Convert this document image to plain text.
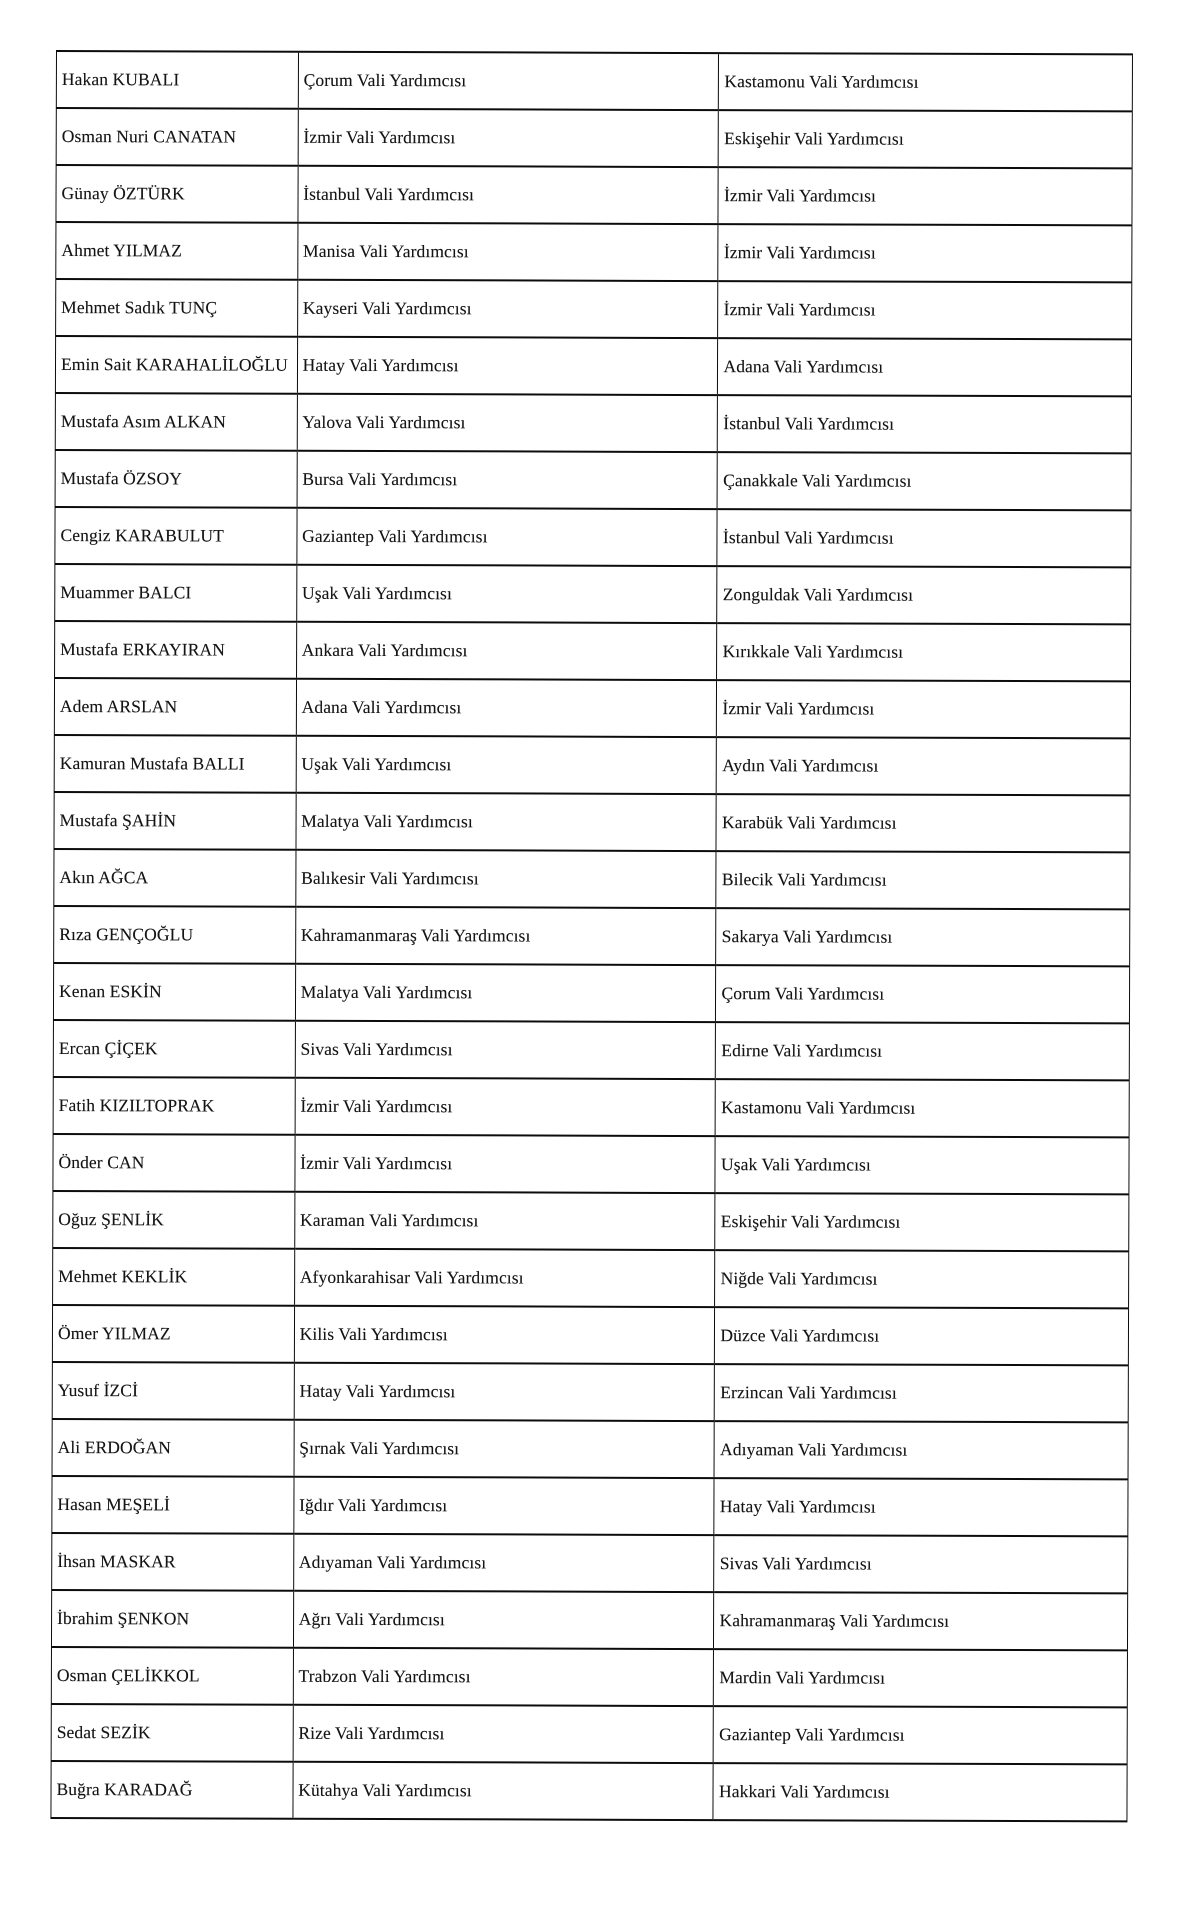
Hakan KUBALI	Çorum Vali Yardımcısı	Kastamonu Vali Yardımcısı
Osman Nuri CANATAN	İzmir Vali Yardımcısı	Eskişehir Vali Yardımcısı
Günay ÖZTÜRK	İstanbul Vali Yardımcısı	İzmir Vali Yardımcısı
Ahmet YILMAZ	Manisa Vali Yardımcısı	İzmir Vali Yardımcısı
Mehmet Sadık TUNÇ	Kayseri Vali Yardımcısı	İzmir Vali Yardımcısı
Emin Sait KARAHALİLOĞLU	Hatay Vali Yardımcısı	Adana Vali Yardımcısı
Mustafa Asım ALKAN	Yalova Vali Yardımcısı	İstanbul Vali Yardımcısı
Mustafa ÖZSOY	Bursa Vali Yardımcısı	Çanakkale Vali Yardımcısı
Cengiz KARABULUT	Gaziantep Vali Yardımcısı	İstanbul Vali Yardımcısı
Muammer BALCI	Uşak Vali Yardımcısı	Zonguldak Vali Yardımcısı
Mustafa ERKAYIRAN	Ankara Vali Yardımcısı	Kırıkkale Vali Yardımcısı
Adem ARSLAN	Adana Vali Yardımcısı	İzmir Vali Yardımcısı
Kamuran Mustafa BALLI	Uşak Vali Yardımcısı	Aydın Vali Yardımcısı
Mustafa ŞAHİN	Malatya Vali Yardımcısı	Karabük Vali Yardımcısı
Akın AĞCA	Balıkesir Vali Yardımcısı	Bilecik Vali Yardımcısı
Rıza GENÇOĞLU	Kahramanmaraş Vali Yardımcısı	Sakarya Vali Yardımcısı
Kenan ESKİN	Malatya Vali Yardımcısı	Çorum Vali Yardımcısı
Ercan ÇİÇEK	Sivas Vali Yardımcısı	Edirne Vali Yardımcısı
Fatih KIZILTOPRAK	İzmir Vali Yardımcısı	Kastamonu Vali Yardımcısı
Önder CAN	İzmir Vali Yardımcısı	Uşak Vali Yardımcısı
Oğuz ŞENLİK	Karaman Vali Yardımcısı	Eskişehir Vali Yardımcısı
Mehmet KEKLİK	Afyonkarahisar Vali Yardımcısı	Niğde Vali Yardımcısı
Ömer YILMAZ	Kilis Vali Yardımcısı	Düzce Vali Yardımcısı
Yusuf İZCİ	Hatay Vali Yardımcısı	Erzincan Vali Yardımcısı
Ali ERDOĞAN	Şırnak Vali Yardımcısı	Adıyaman Vali Yardımcısı
Hasan MEŞELİ	Iğdır Vali Yardımcısı	Hatay Vali Yardımcısı
İhsan MASKAR	Adıyaman Vali Yardımcısı	Sivas Vali Yardımcısı
İbrahim ŞENKON	Ağrı Vali Yardımcısı	Kahramanmaraş Vali Yardımcısı
Osman ÇELİKKOL	Trabzon Vali Yardımcısı	Mardin Vali Yardımcısı
Sedat SEZİK	Rize Vali Yardımcısı	Gaziantep Vali Yardımcısı
Buğra KARADAĞ	Kütahya Vali Yardımcısı	Hakkari Vali Yardımcısı
